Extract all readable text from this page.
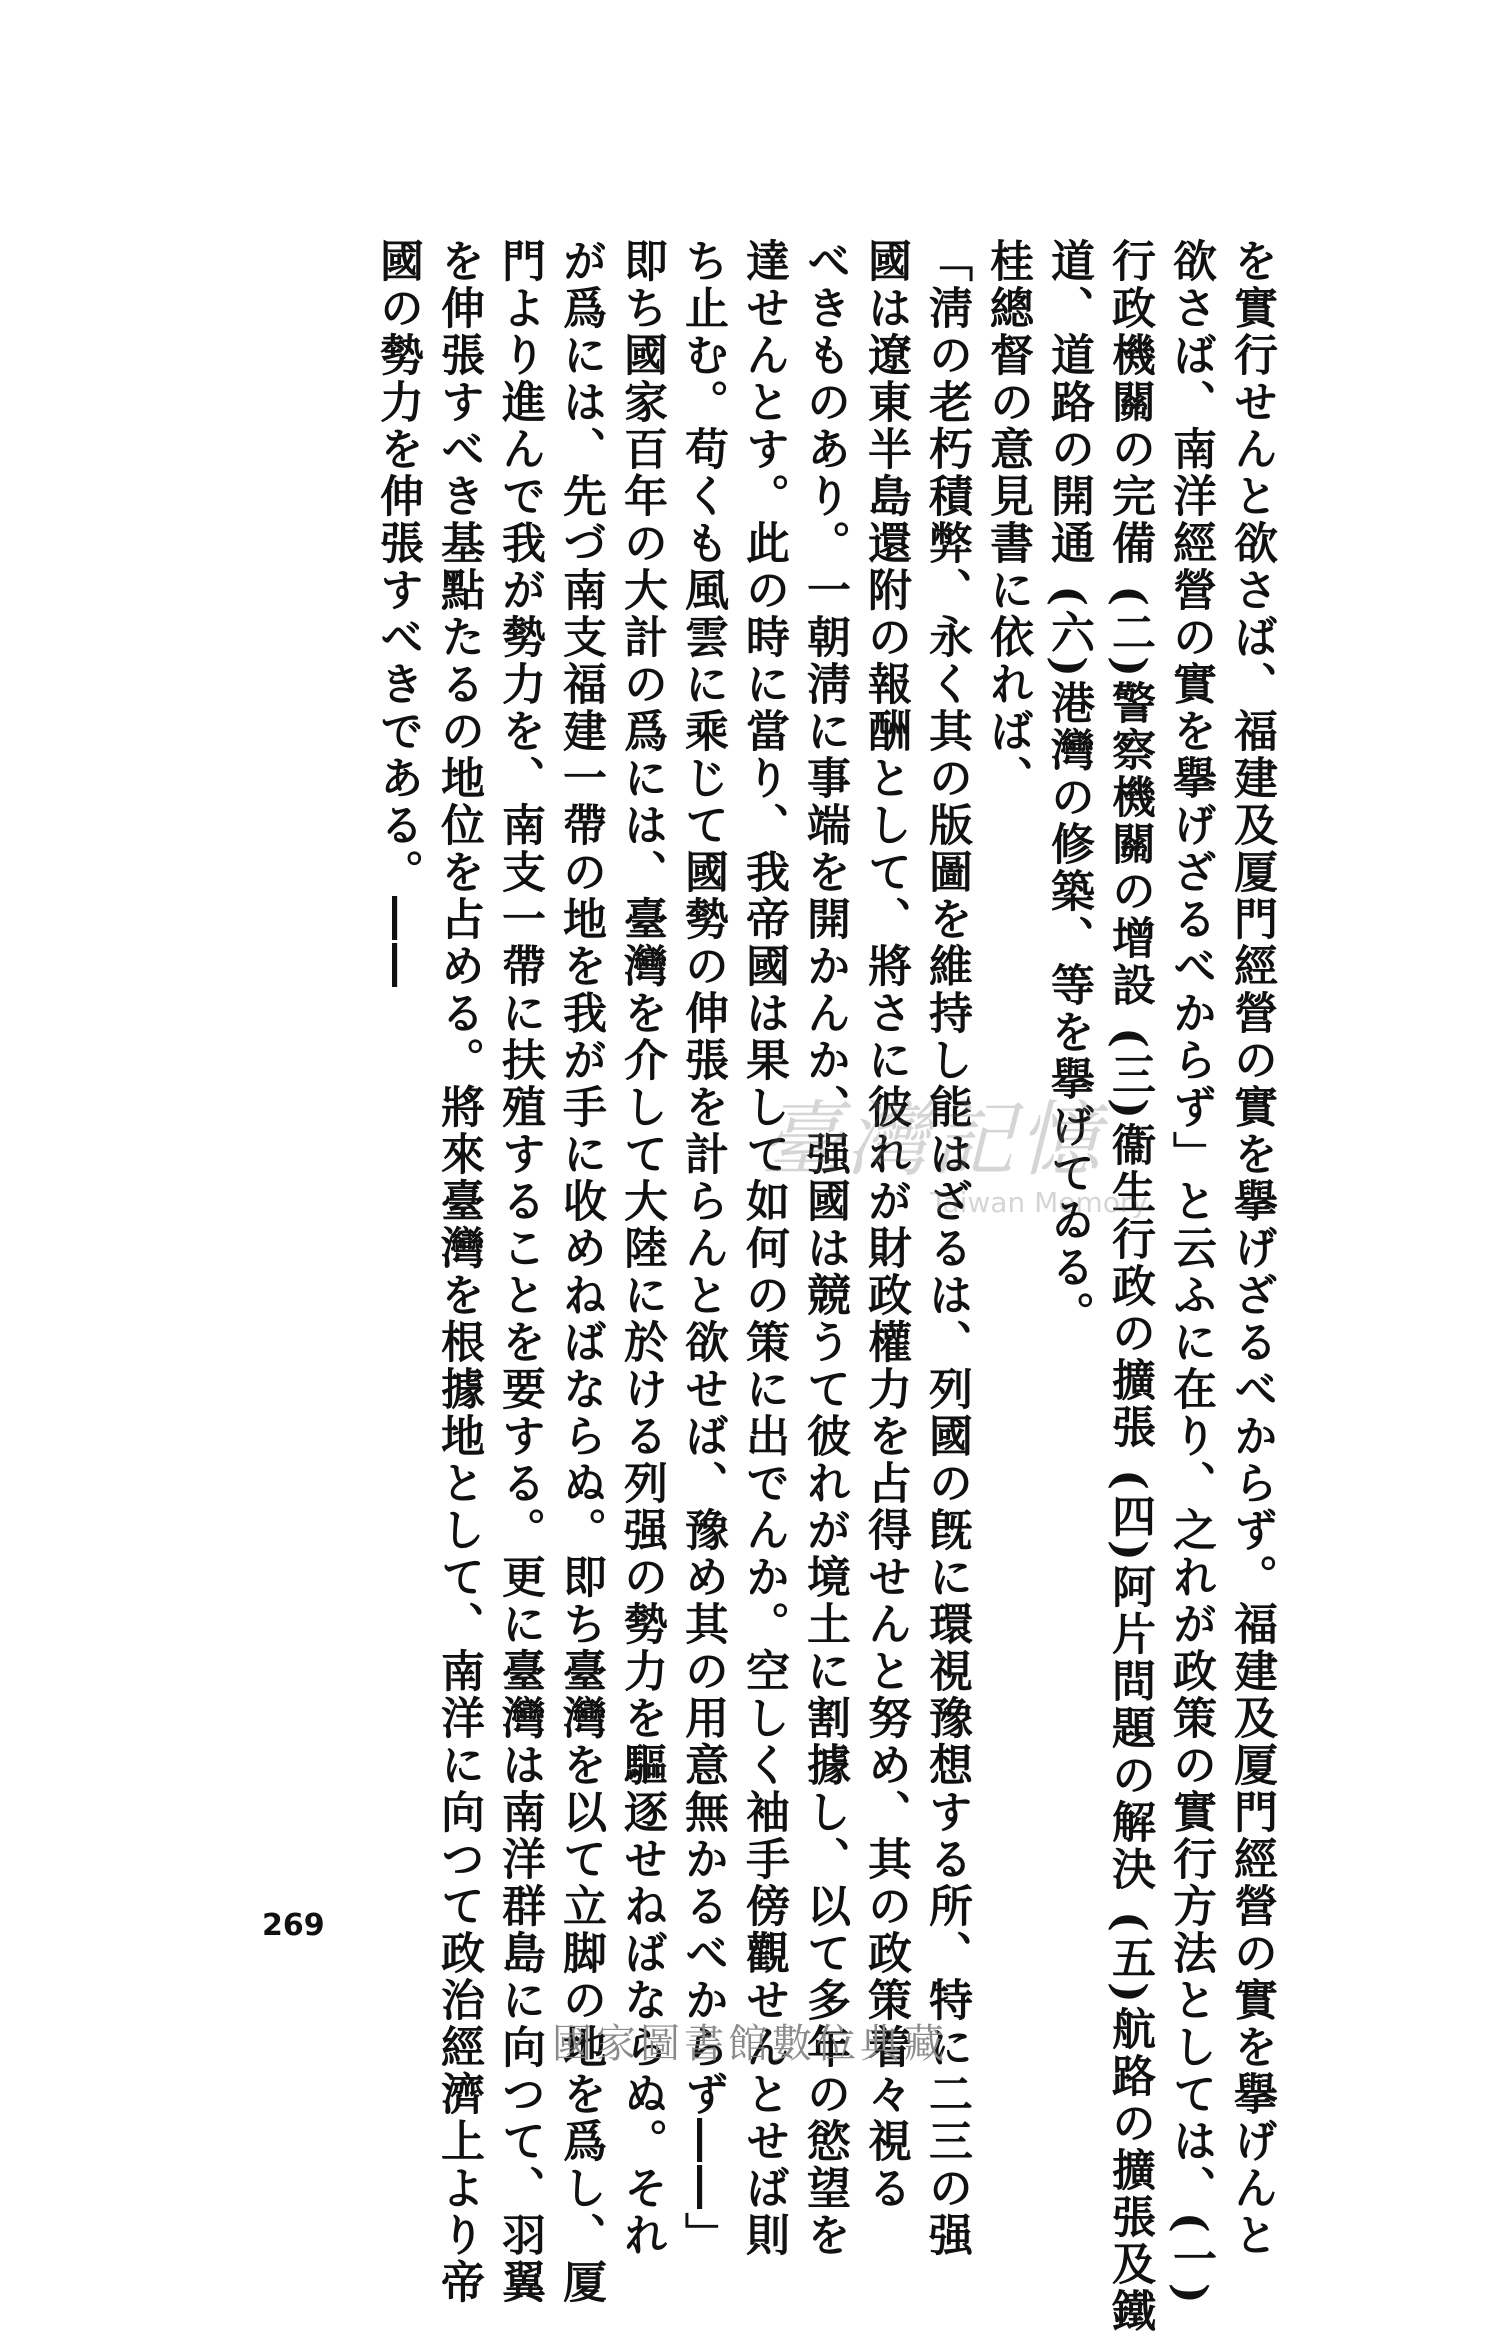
を實行せんと欲さば、福建及厦門經營の實を擧げざるべからず。福建及厦門經營の實を擧げんと
欲さば、南洋經營の實を擧げざるべからず」と云ふに在り、之れが政策の實行方法としては、(一)
行政機關の完備 (二)警察機關の增設 (三)衞生行政の擴張 (四)阿片問題の解決 (五)航路の擴張及鐵
道、道路の開通 (六)港灣の修築、等を擧げてゐる。
桂總督の意見書に依れば、
「淸の老朽積弊、永く其の版圖を維持し能はざるは、列國の旣に環視豫想する所、特に二三の强
國は遼東半島還附の報酬として、將さに彼れが財政權力を占得せんと努め、其の政策着々視る
べきものあり。一朝淸に事端を開かんか、强國は競うて彼れが境土に割據し、以て多年の慾望を
達せんとす。此の時に當り、我帝國は果して如何の策に出でんか。空しく袖手傍觀せんとせば則
ち止む。苟くも風雲に乘じて國勢の伸張を計らんと欲せば、豫め其の用意無かるべからず――」
即ち國家百年の大計の爲には、臺灣を介して大陸に於ける列强の勢力を驅逐せねばならぬ。それ
が爲には、先づ南支福建一帶の地を我が手に收めねばならぬ。即ち臺灣を以て立脚の地を爲し、厦
門より進んで我が勢力を、南支一帶に扶殖することを要する。更に臺灣は南洋群島に向つて、羽翼
を伸張すべき基點たるの地位を占める。將來臺灣を根據地として、南洋に向つて政治經濟上より帝
國の勢力を伸張すべきである。――
臺灣記憶
Taiwan Memory
269
國家圖書館數位典藏
